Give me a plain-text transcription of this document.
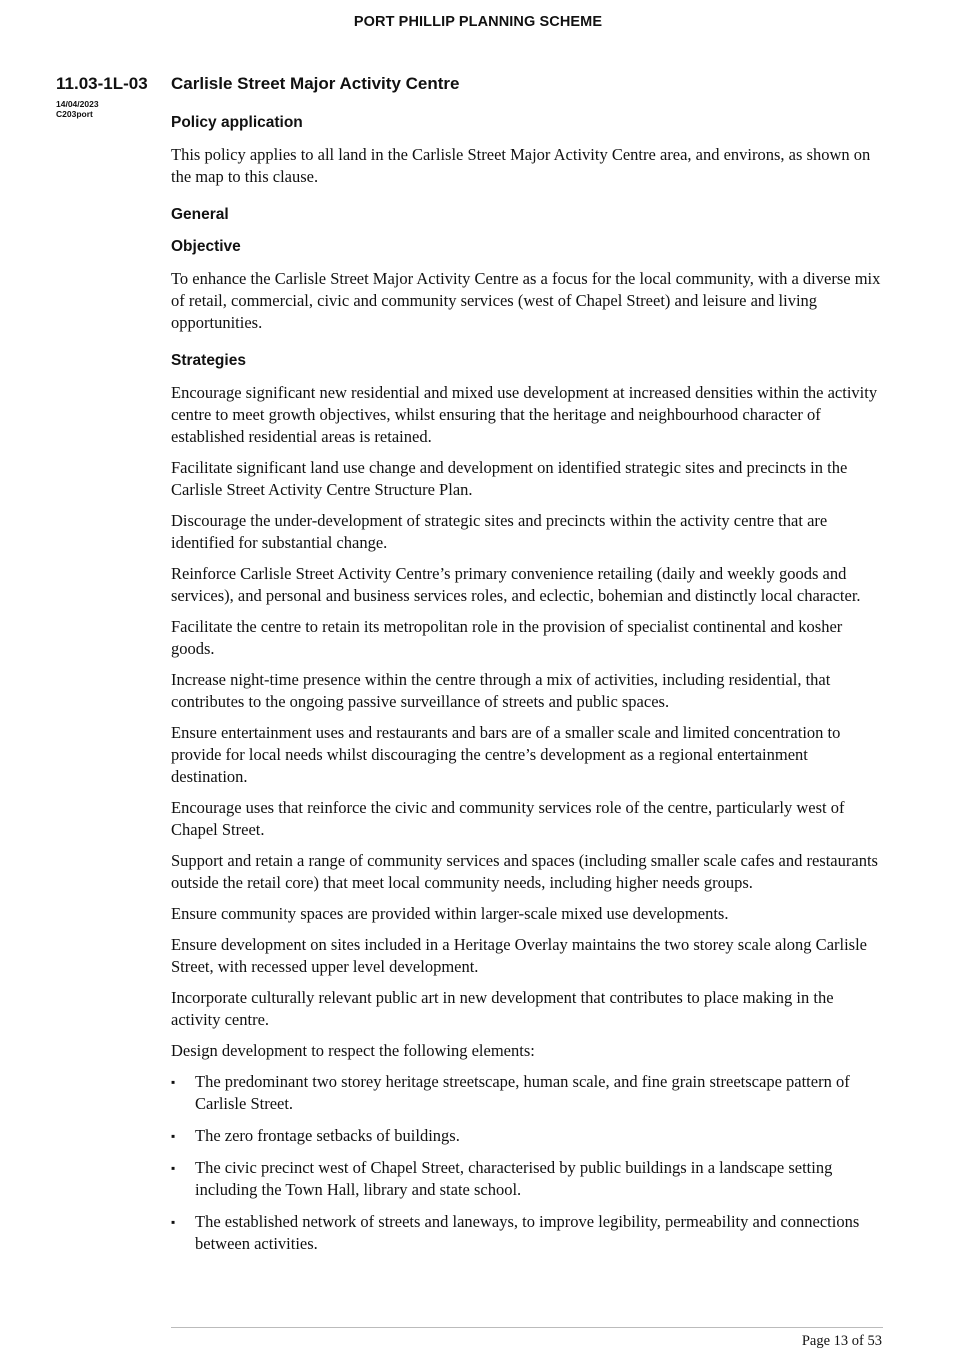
PORT PHILLIP PLANNING SCHEME
11.03-1L-03
14/04/2023
C203port
Carlisle Street Major Activity Centre
Policy application
This policy applies to all land in the Carlisle Street Major Activity Centre area, and environs, as shown on the map to this clause.
General
Objective
To enhance the Carlisle Street Major Activity Centre as a focus for the local community, with a diverse mix of retail, commercial, civic and community services (west of Chapel Street) and leisure and living opportunities.
Strategies
Encourage significant new residential and mixed use development at increased densities within the activity centre to meet growth objectives, whilst ensuring that the heritage and neighbourhood character of established residential areas is retained.
Facilitate significant land use change and development on identified strategic sites and precincts in the Carlisle Street Activity Centre Structure Plan.
Discourage the under-development of strategic sites and precincts within the activity centre that are identified for substantial change.
Reinforce Carlisle Street Activity Centre’s primary convenience retailing (daily and weekly goods and services), and personal and business services roles, and eclectic, bohemian and distinctly local character.
Facilitate the centre to retain its metropolitan role in the provision of specialist continental and kosher goods.
Increase night-time presence within the centre through a mix of activities, including residential, that contributes to the ongoing passive surveillance of streets and public spaces.
Ensure entertainment uses and restaurants and bars are of a smaller scale and limited concentration to provide for local needs whilst discouraging the centre’s development as a regional entertainment destination.
Encourage uses that reinforce the civic and community services role of the centre, particularly west of Chapel Street.
Support and retain a range of community services and spaces (including smaller scale cafes and restaurants outside the retail core) that meet local community needs, including higher needs groups.
Ensure community spaces are provided within larger-scale mixed use developments.
Ensure development on sites included in a Heritage Overlay maintains the two storey scale along Carlisle Street, with recessed upper level development.
Incorporate culturally relevant public art in new development that contributes to place making in the activity centre.
Design development to respect the following elements:
▪ The predominant two storey heritage streetscape, human scale, and fine grain streetscape pattern of Carlisle Street.
▪ The zero frontage setbacks of buildings.
▪ The civic precinct west of Chapel Street, characterised by public buildings in a landscape setting including the Town Hall, library and state school.
▪ The established network of streets and laneways, to improve legibility, permeability and connections between activities.
Page 13 of 53
